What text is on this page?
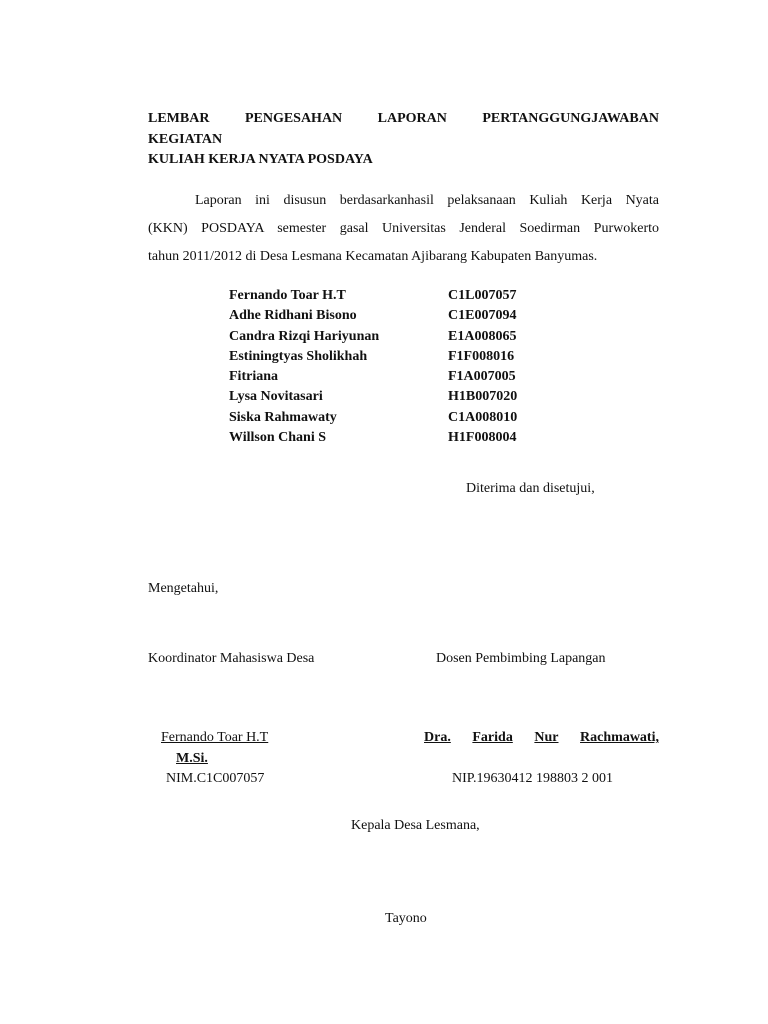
LEMBAR	PENGESAHAN	LAPORAN	PERTANGGUNGJAWABAN
KEGIATAN
KULIAH KERJA NYATA POSDAYA
Laporan ini disusun berdasarkanhasil pelaksanaan Kuliah Kerja Nyata
(KKN) POSDAYA semester gasal Universitas Jenderal Soedirman Purwokerto
tahun 2011/2012 di Desa Lesmana Kecamatan Ajibarang Kabupaten Banyumas.
Fernando Toar H.T	C1L007057
Adhe Ridhani Bisono	C1E007094
Candra Rizqi Hariyunan	E1A008065
Estiningtyas Sholikhah	F1F008016
Fitriana	F1A007005
Lysa Novitasari	H1B007020
Siska Rahmawaty	C1A008010
Willson Chani S	H1F008004
Diterima dan disetujui,
Mengetahui,
Koordinator Mahasiswa Desa	Dosen Pembimbing Lapangan
Fernando Toar H.T	Dra. Farida Nur Rachmawati,
M.Si.
NIM.C1C007057	NIP.19630412 198803 2 001
Kepala Desa Lesmana,
Tayono
